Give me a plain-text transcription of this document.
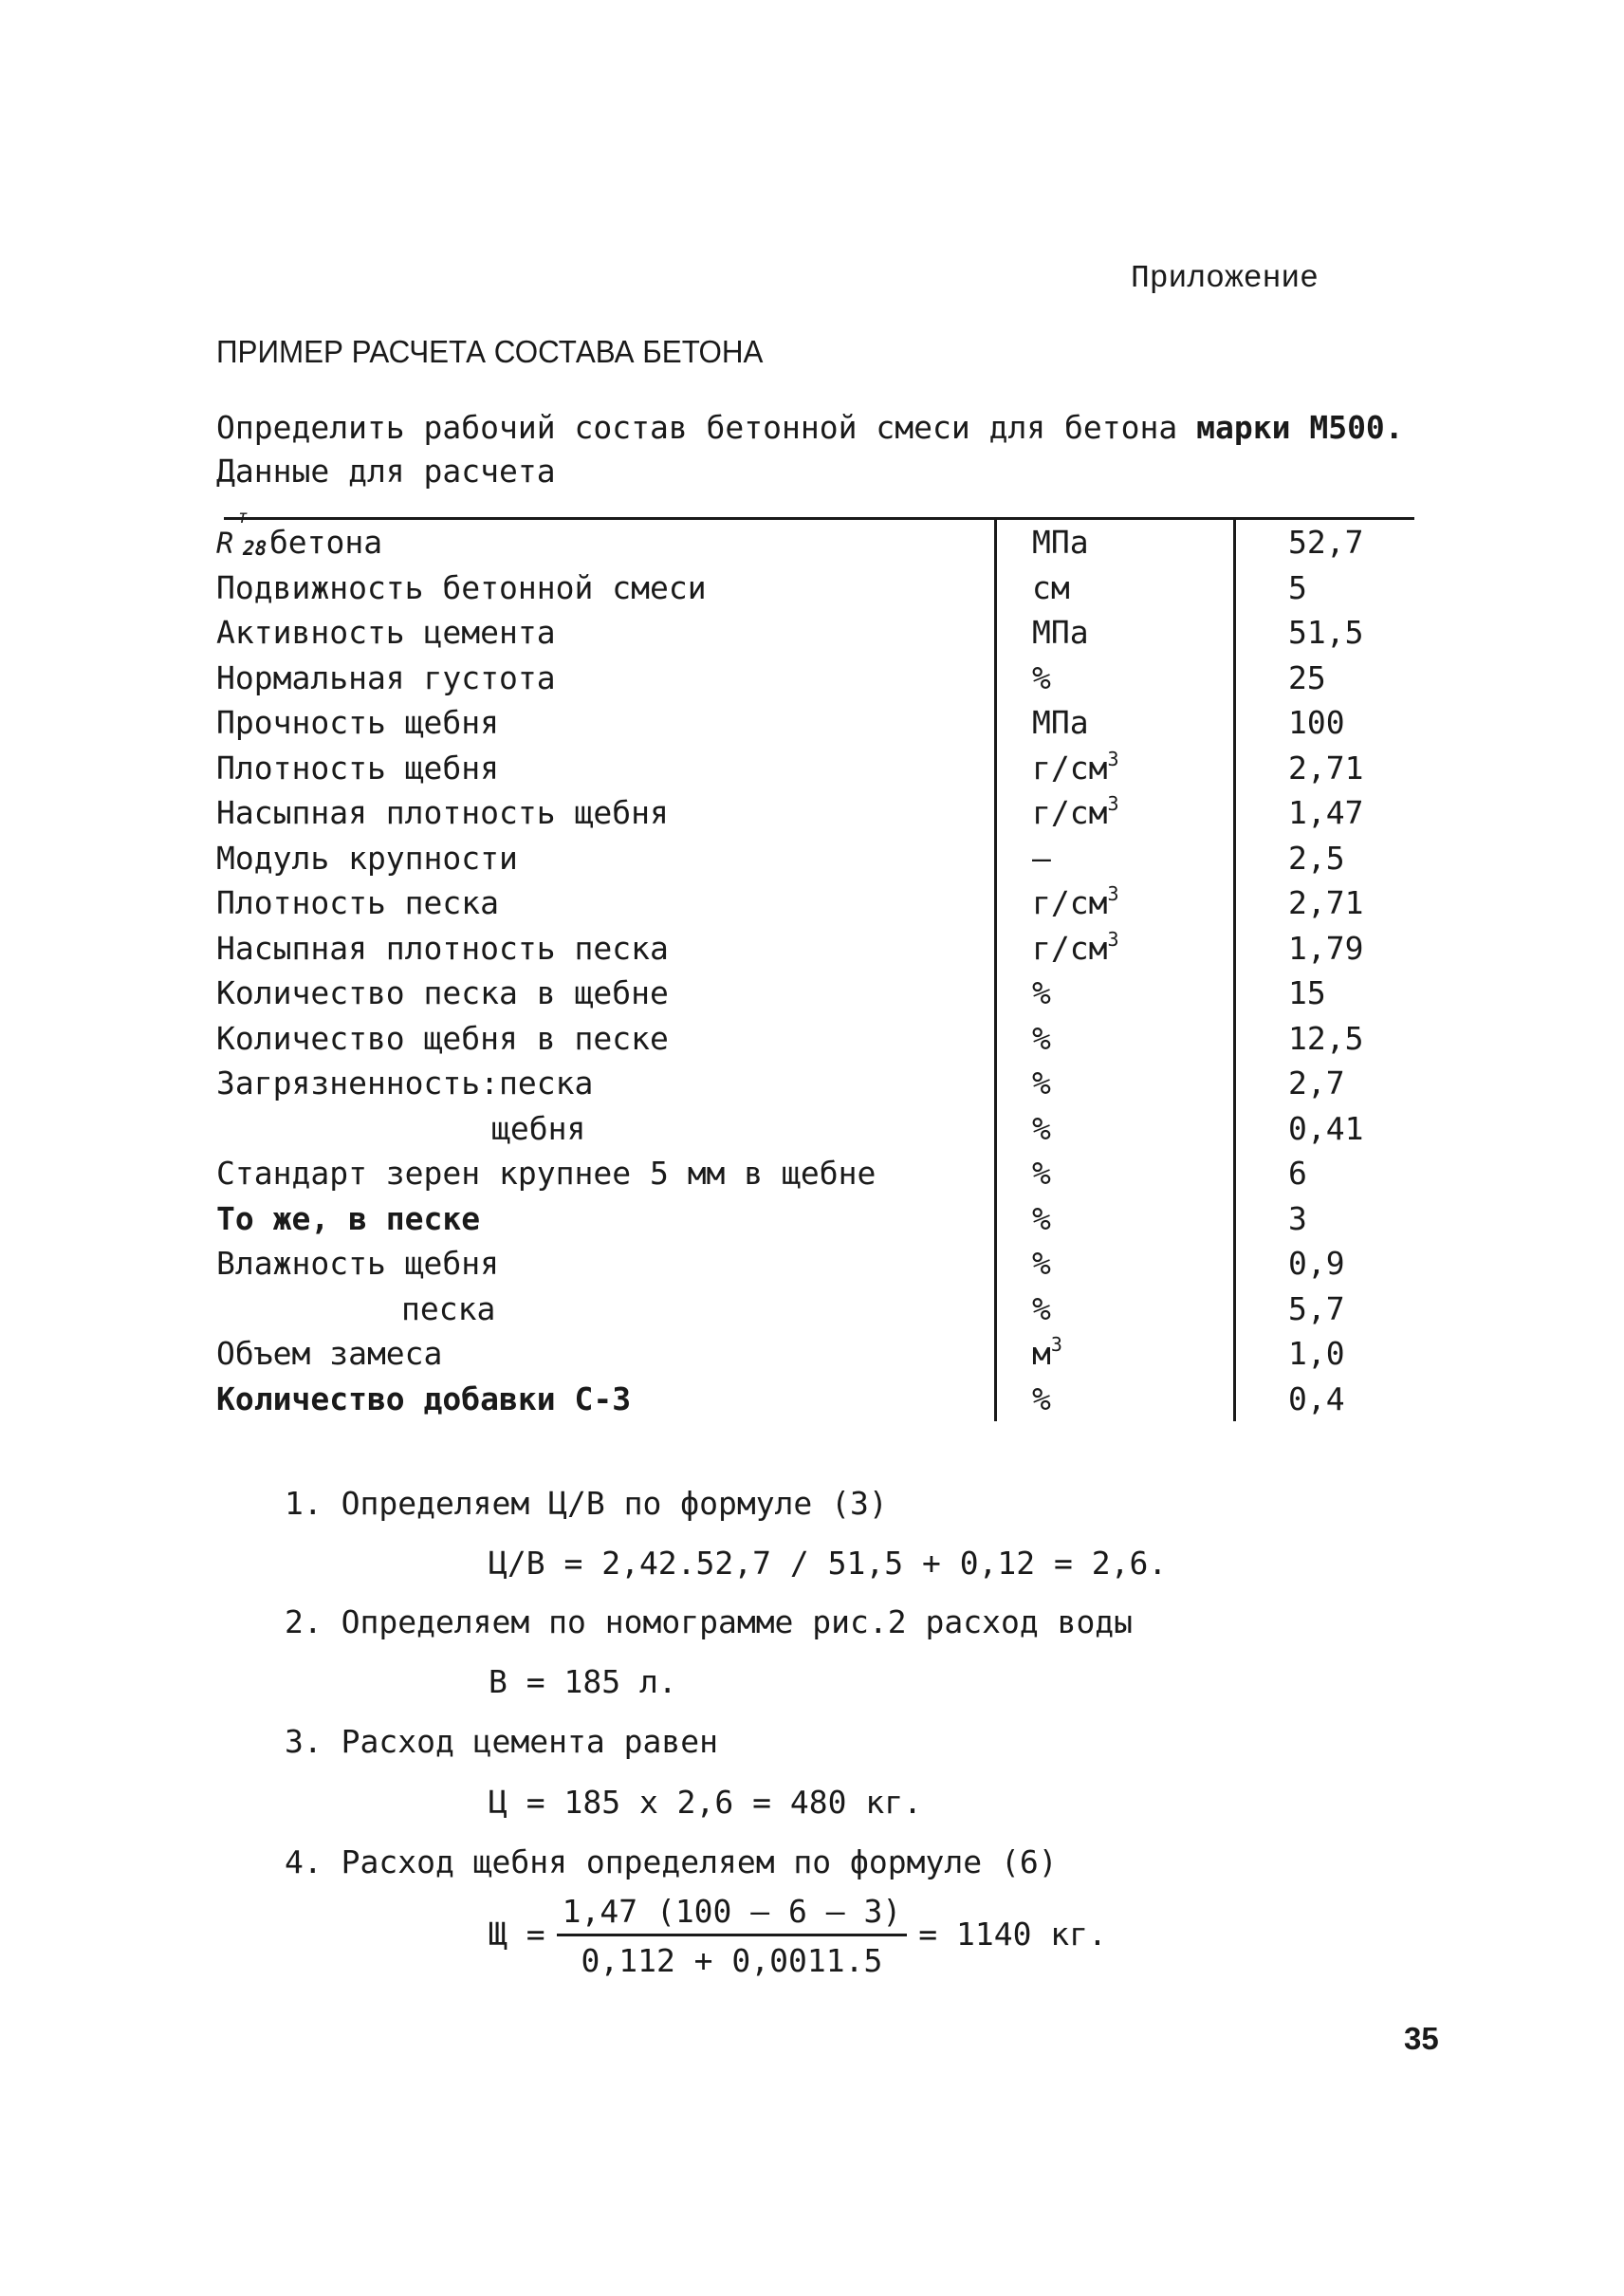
Приложение
ПРИМЕР РАСЧЕТА СОСТАВА БЕТОНА
Определить рабочий состав бетонной смеси для бетона марки М500.
Данные для расчета
R
т
28 бетона	МПа	52,7
Подвижность бетонной смеси	см	5
Активность цемента	МПа	51,5
Нормальная густота	%	25
Прочность щебня	МПа	100
Плотность щебня	$г/см^3$	2,71
Насыпная плотность щебня	$г/см^3$	1,47
Модуль крупности	–	2,5
Плотность песка	$г/см^3$	2,71
Насыпная плотность песка	$г/см^3$	1,79
Количество песка в щебне	%	15
Количество щебня в песке	%	12,5
Загрязненность:песка	%	2,7
щебня	%	0,41
Стандарт зерен крупнее 5 мм в щебне	%	6
То же, в песке	%	3
Влажность щебня	%	0,9
песка	%	5,7
Объем замеса	$м^3$	1,0
Количество добавки С-3	%	0,4
1. Определяем Ц/В по формуле (3)
Ц/В = 2,42.52,7 / 51,5 + 0,12 = 2,6.
2. Определяем по номограмме рис.2 расход воды
В = 185 л.
3. Расход цемента равен
Ц = 185 х 2,6 = 480 кг.
4. Расход щебня определяем по формуле (6)
$Щ = \frac{1,47 (100 - 6 - 3)}{0,112 + 0,0011.5} = 1140$ кг.
35
